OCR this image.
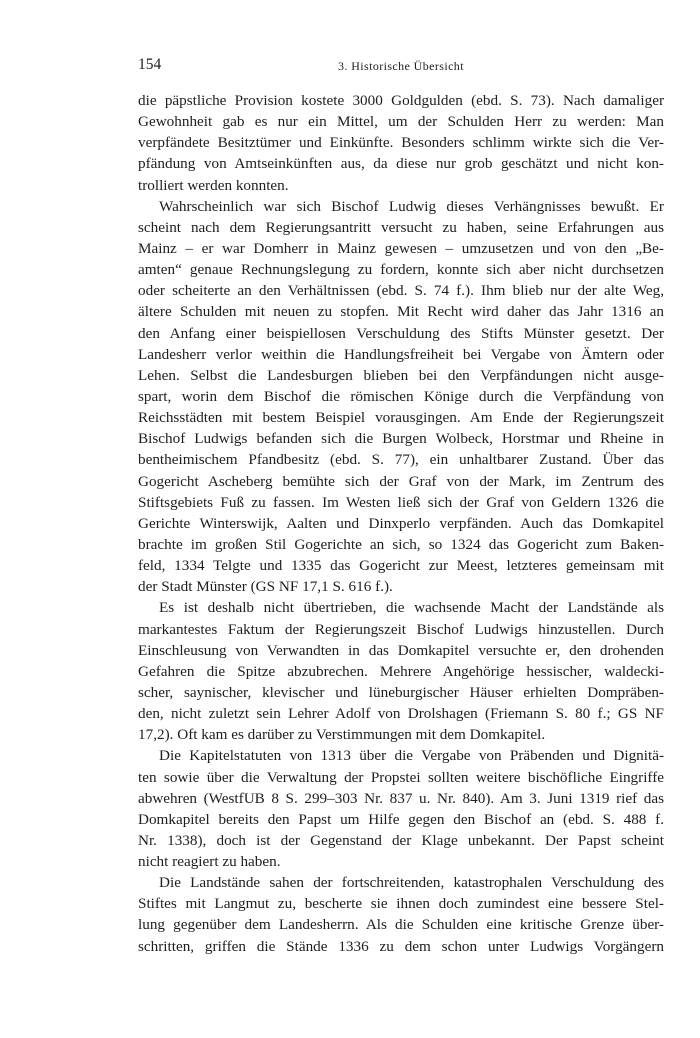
154	3. Historische Übersicht
die päpstliche Provision kostete 3000 Goldgulden (ebd. S. 73). Nach damaliger
Gewohnheit gab es nur ein Mittel, um der Schulden Herr zu werden: Man
verpfändete Besitztümer und Einkünfte. Besonders schlimm wirkte sich die Ver-
pfändung von Amtseinkünften aus, da diese nur grob geschätzt und nicht kon-
trolliert werden konnten.
Wahrscheinlich war sich Bischof Ludwig dieses Verhängnisses bewußt. Er
scheint nach dem Regierungsantritt versucht zu haben, seine Erfahrungen aus
Mainz – er war Domherr in Mainz gewesen – umzusetzen und von den „Be-
amten“ genaue Rechnungslegung zu fordern, konnte sich aber nicht durchsetzen
oder scheiterte an den Verhältnissen (ebd. S. 74 f.). Ihm blieb nur der alte Weg,
ältere Schulden mit neuen zu stopfen. Mit Recht wird daher das Jahr 1316 an
den Anfang einer beispiellosen Verschuldung des Stifts Münster gesetzt. Der
Landesherr verlor weithin die Handlungsfreiheit bei Vergabe von Ämtern oder
Lehen. Selbst die Landesburgen blieben bei den Verpfändungen nicht ausge-
spart, worin dem Bischof die römischen Könige durch die Verpfändung von
Reichsstädten mit bestem Beispiel vorausgingen. Am Ende der Regierungszeit
Bischof Ludwigs befanden sich die Burgen Wolbeck, Horstmar und Rheine in
bentheimischem Pfandbesitz (ebd. S. 77), ein unhaltbarer Zustand. Über das
Gogericht Ascheberg bemühte sich der Graf von der Mark, im Zentrum des
Stiftsgebiets Fuß zu fassen. Im Westen ließ sich der Graf von Geldern 1326 die
Gerichte Winterswijk, Aalten und Dinxperlo verpfänden. Auch das Domkapitel
brachte im großen Stil Gogerichte an sich, so 1324 das Gogericht zum Baken-
feld, 1334 Telgte und 1335 das Gogericht zur Meest, letzteres gemeinsam mit
der Stadt Münster (GS NF 17,1 S. 616 f.).
Es ist deshalb nicht übertrieben, die wachsende Macht der Landstände als
markantestes Faktum der Regierungszeit Bischof Ludwigs hinzustellen. Durch
Einschleusung von Verwandten in das Domkapitel versuchte er, den drohenden
Gefahren die Spitze abzubrechen. Mehrere Angehörige hessischer, waldecki-
scher, saynischer, klevischer und lüneburgischer Häuser erhielten Dompräben-
den, nicht zuletzt sein Lehrer Adolf von Drolshagen (Friemann S. 80 f.; GS NF
17,2). Oft kam es darüber zu Verstimmungen mit dem Domkapitel.
Die Kapitelstatuten von 1313 über die Vergabe von Präbenden und Dignitä-
ten sowie über die Verwaltung der Propstei sollten weitere bischöfliche Eingriffe
abwehren (WestfUB 8 S. 299–303 Nr. 837 u. Nr. 840). Am 3. Juni 1319 rief das
Domkapitel bereits den Papst um Hilfe gegen den Bischof an (ebd. S. 488 f.
Nr. 1338), doch ist der Gegenstand der Klage unbekannt. Der Papst scheint
nicht reagiert zu haben.
Die Landstände sahen der fortschreitenden, katastrophalen Verschuldung des
Stiftes mit Langmut zu, bescherte sie ihnen doch zumindest eine bessere Stel-
lung gegenüber dem Landesherrn. Als die Schulden eine kritische Grenze über-
schritten, griffen die Stände 1336 zu dem schon unter Ludwigs Vorgängern
